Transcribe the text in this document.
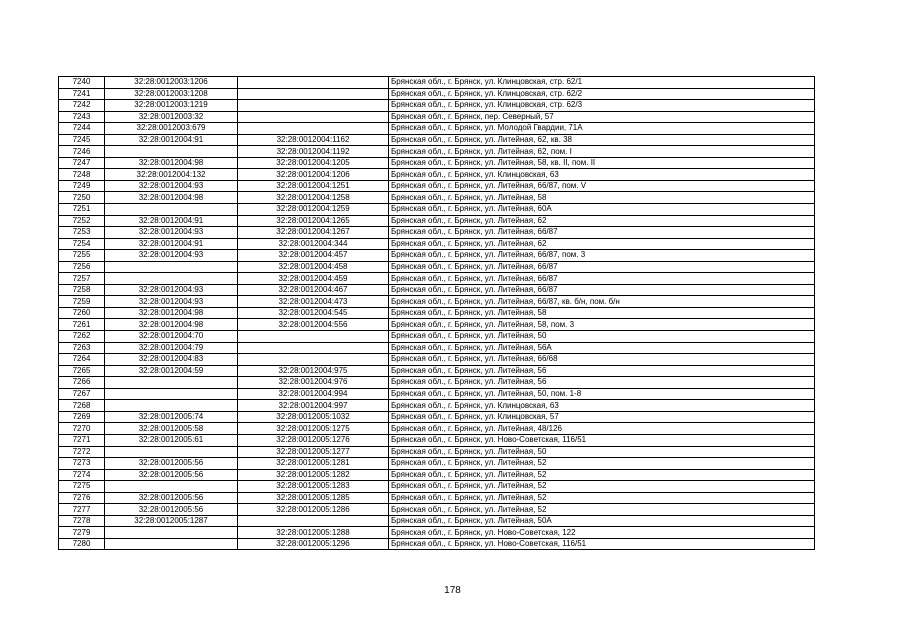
7240	32:28:0012003:1206		Брянская обл., г. Брянск, ул. Клинцовская, стр. 62/1
7241	32:28:0012003:1208		Брянская обл., г. Брянск, ул. Клинцовская, стр. 62/2
7242	32:28:0012003:1219		Брянская обл., г. Брянск, ул. Клинцовская, стр. 62/3
7243	32:28:0012003:32		Брянская обл., г. Брянск, пер. Северный, 57
7244	32:28:0012003:679		Брянская обл., г. Брянск, ул. Молодой Гвардии, 71А
7245	32:28:0012004:91	32:28:0012004:1162	Брянская обл., г. Брянск, ул. Литейная, 62, кв. 38
7246		32:28:0012004:1192	Брянская обл., г. Брянск, ул. Литейная, 62, пом. I
7247	32:28:0012004:98	32:28:0012004:1205	Брянская обл., г. Брянск, ул. Литейная, 58, кв. II, пом. II
7248	32:28:0012004:132	32:28:0012004:1206	Брянская обл., г. Брянск, ул. Клинцовская, 63
7249	32:28:0012004:93	32:28:0012004:1251	Брянская обл., г. Брянск, ул. Литейная, 66/87, пом. V
7250	32:28:0012004:98	32:28:0012004:1258	Брянская обл., г. Брянск, ул. Литейная, 58
7251		32:28:0012004:1259	Брянская обл., г. Брянск, ул. Литейная, 60А
7252	32:28:0012004:91	32:28:0012004:1265	Брянская обл., г. Брянск, ул. Литейная, 62
7253	32:28:0012004:93	32:28:0012004:1267	Брянская обл., г. Брянск, ул. Литейная, 66/87
7254	32:28:0012004:91	32:28:0012004:344	Брянская обл., г. Брянск, ул. Литейная, 62
7255	32:28:0012004:93	32:28:0012004:457	Брянская обл., г. Брянск, ул. Литейная, 66/87, пом. 3
7256		32:28:0012004:458	Брянская обл., г. Брянск, ул. Литейная, 66/87
7257		32:28:0012004:459	Брянская обл., г. Брянск, ул. Литейная, 66/87
7258	32:28:0012004:93	32:28:0012004:467	Брянская обл., г. Брянск, ул. Литейная, 66/87
7259	32:28:0012004:93	32:28:0012004:473	Брянская обл., г. Брянск, ул. Литейная, 66/87, кв. б/н, пом. б/н
7260	32:28:0012004:98	32:28:0012004:545	Брянская обл., г. Брянск, ул. Литейная, 58
7261	32:28:0012004:98	32:28:0012004:556	Брянская обл., г. Брянск, ул. Литейная, 58, пом. 3
7262	32:28:0012004:70		Брянская обл., г. Брянск, ул. Литейная, 50
7263	32:28:0012004:79		Брянская обл., г. Брянск, ул. Литейная, 56А
7264	32:28:0012004:83		Брянская обл., г. Брянск, ул. Литейная, 66/68
7265	32:28:0012004:59	32:28:0012004:975	Брянская обл., г. Брянск, ул. Литейная, 56
7266		32:28:0012004:976	Брянская обл., г. Брянск, ул. Литейная, 56
7267		32:28:0012004:994	Брянская обл., г. Брянск, ул. Литейная, 50, пом. 1-8
7268		32:28:0012004:997	Брянская обл., г. Брянск, ул. Клинцовская, 63
7269	32:28:0012005:74	32:28:0012005:1032	Брянская обл., г. Брянск, ул. Клинцовская, 57
7270	32:28:0012005:58	32:28:0012005:1275	Брянская обл., г. Брянск, ул. Литейная, 48/126
7271	32:28:0012005:61	32:28:0012005:1276	Брянская обл., г. Брянск, ул. Ново-Советская, 116/51
7272		32:28:0012005:1277	Брянская обл., г. Брянск, ул. Литейная, 50
7273	32:28:0012005:56	32:28:0012005:1281	Брянская обл., г. Брянск, ул. Литейная, 52
7274	32:28:0012005:56	32:28:0012005:1282	Брянская обл., г. Брянск, ул. Литейная, 52
7275		32:28:0012005:1283	Брянская обл., г. Брянск, ул. Литейная, 52
7276	32:28:0012005:56	32:28:0012005:1285	Брянская обл., г. Брянск, ул. Литейная, 52
7277	32:28:0012005:56	32:28:0012005:1286	Брянская обл., г. Брянск, ул. Литейная, 52
7278	32:28:0012005:1287		Брянская обл., г. Брянск, ул. Литейная, 50А
7279		32:28:0012005:1288	Брянская обл., г. Брянск, ул. Ново-Советская, 122
7280		32:28:0012005:1296	Брянская обл., г. Брянск, ул. Ново-Советская, 116/51
178
